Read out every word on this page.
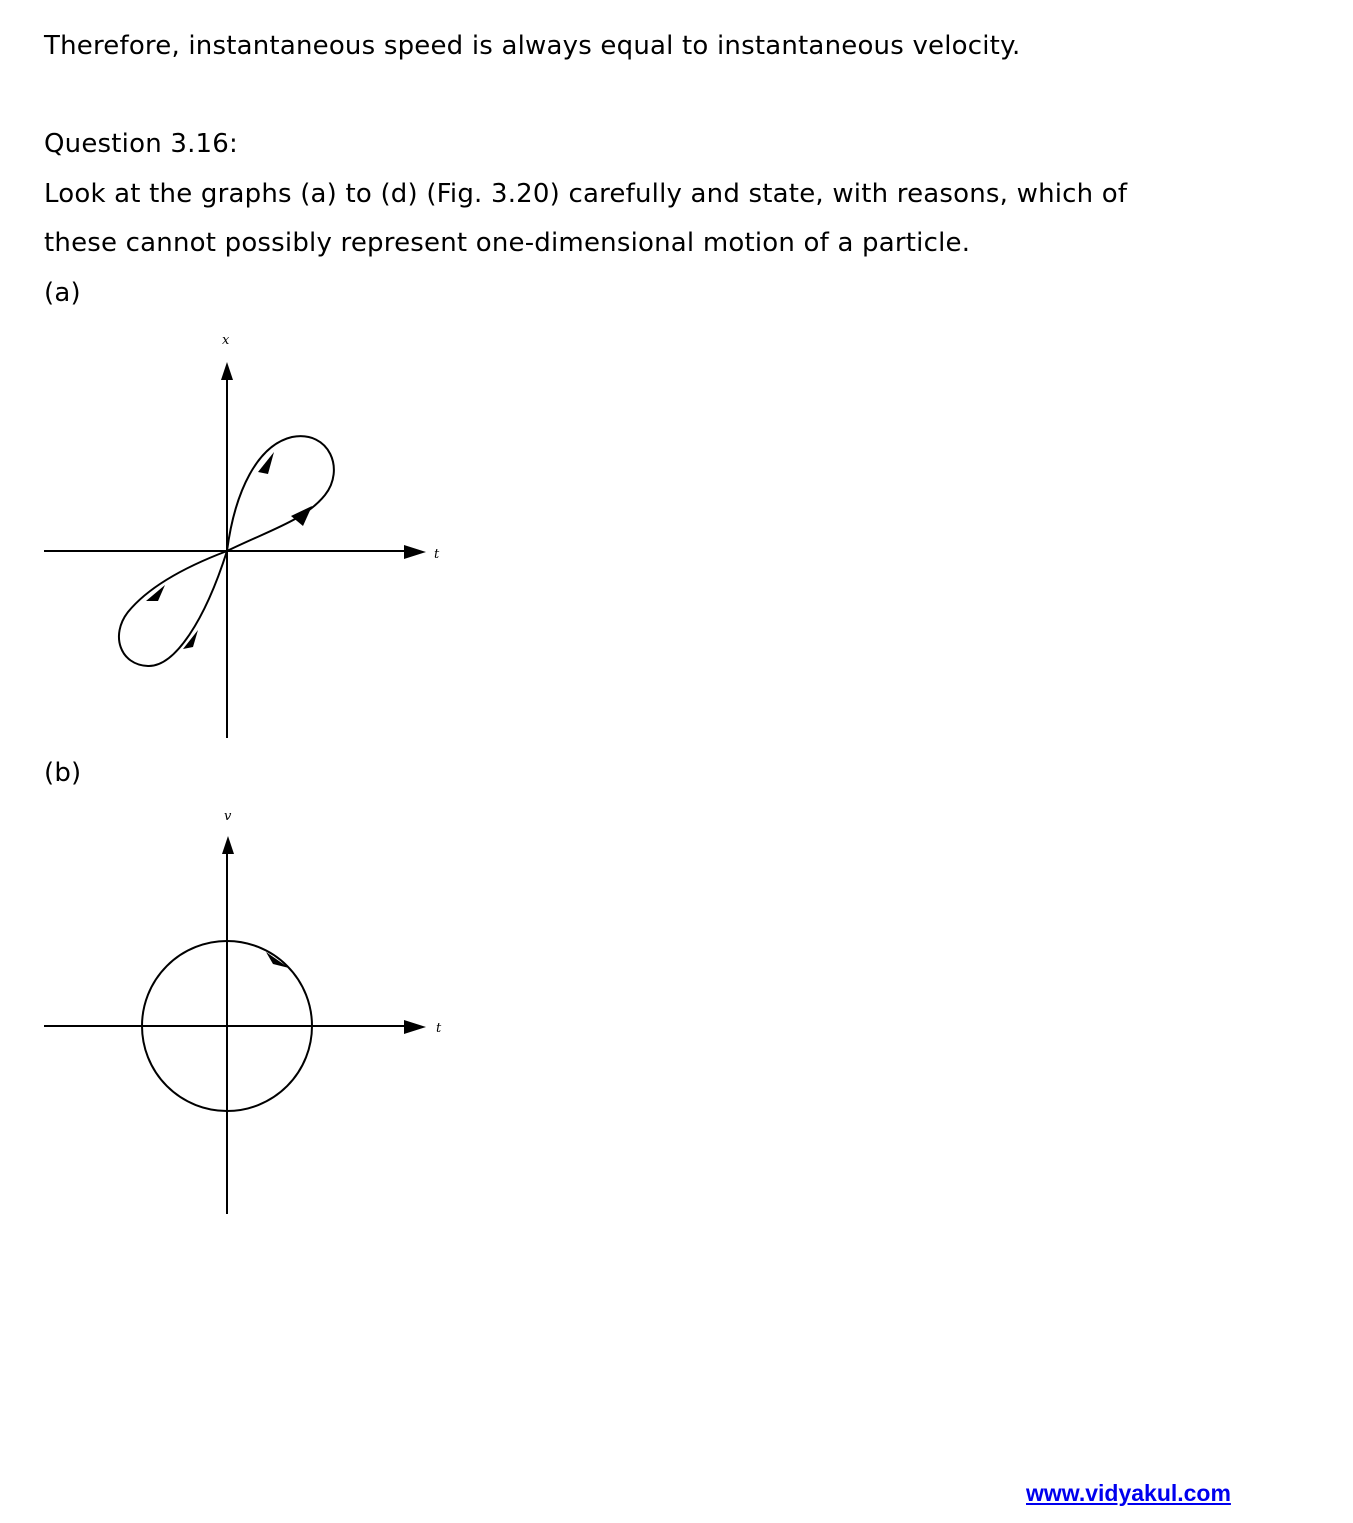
Therefore, instantaneous speed is always equal to instantaneous velocity.
Question 3.16:
Look at the graphs (a) to (d) (Fig. 3.20) carefully and state, with reasons, which of
these cannot possibly represent one-dimensional motion of a particle.
(a)
x
t
(b)
v
t
www.vidyakul.com
